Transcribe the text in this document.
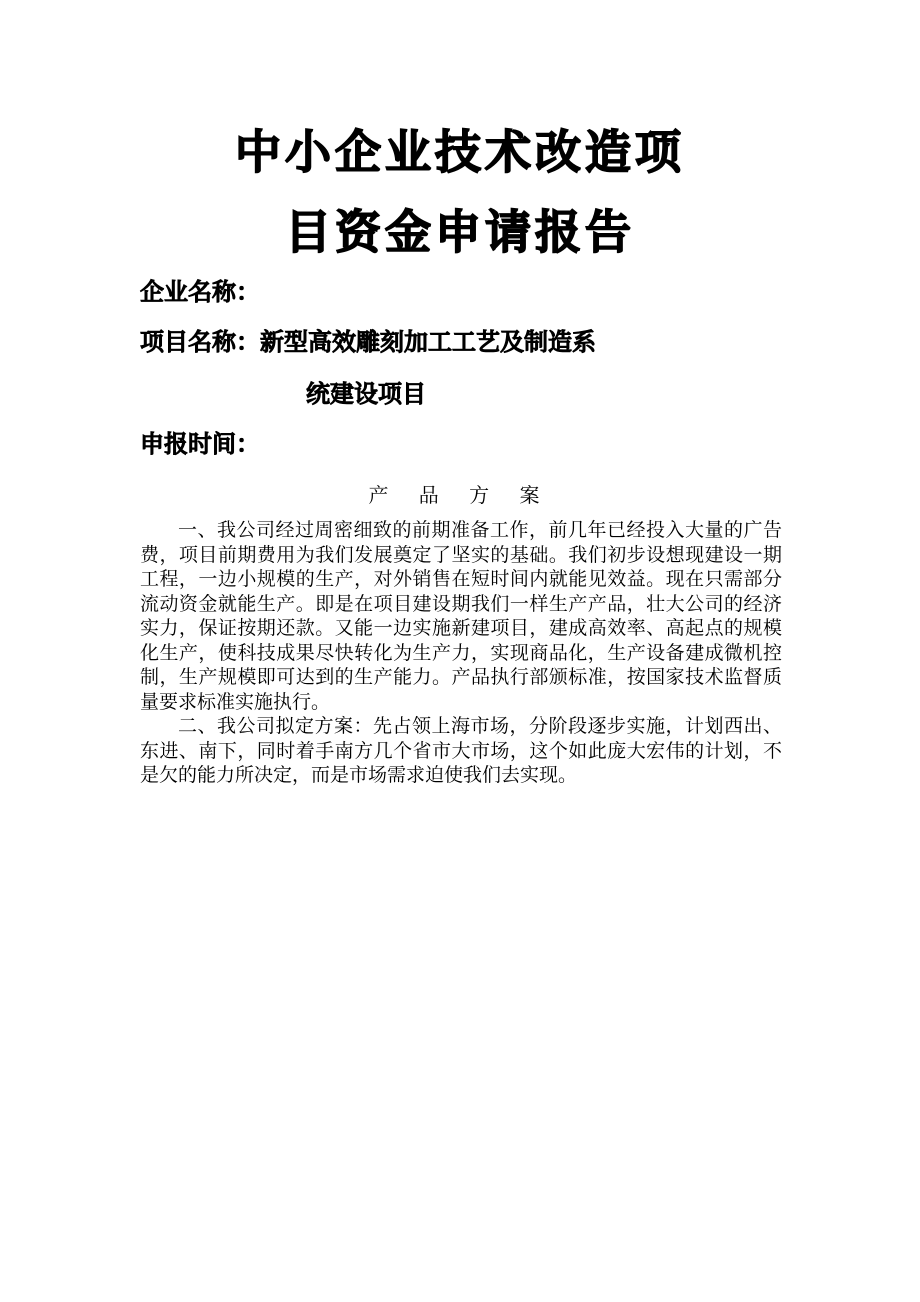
中小企业技术改造项
目资金申请报告
企业名称：
项目名称：新型高效雕刻加工工艺及制造系
统建设项目
申报时间：
产 品 方 案

一、我公司经过周密细致的前期准备工作，前几年已经投入大量的广告费，项目前期费用为我们发展奠定了坚实的基础。我们初步设想现建设一期工程，一边小规模的生产，对外销售在短时间内就能见效益。现在只需部分流动资金就能生产。即是在项目建设期我们一样生产产品，壮大公司的经济实力，保证按期还款。又能一边实施新建项目，建成高效率、高起点的规模化生产，使科技成果尽快转化为生产力，实现商品化，生产设备建成微机控制，生产规模即可达到的生产能力。产品执行部颁标准，按国家技术监督质量要求标准实施执行。

二、我公司拟定方案：先占领上海市场，分阶段逐步实施，计划西出、东进、南下，同时着手南方几个省市大市场，这个如此庞大宏伟的计划，不是欠的能力所决定，而是市场需求迫使我们去实现。
